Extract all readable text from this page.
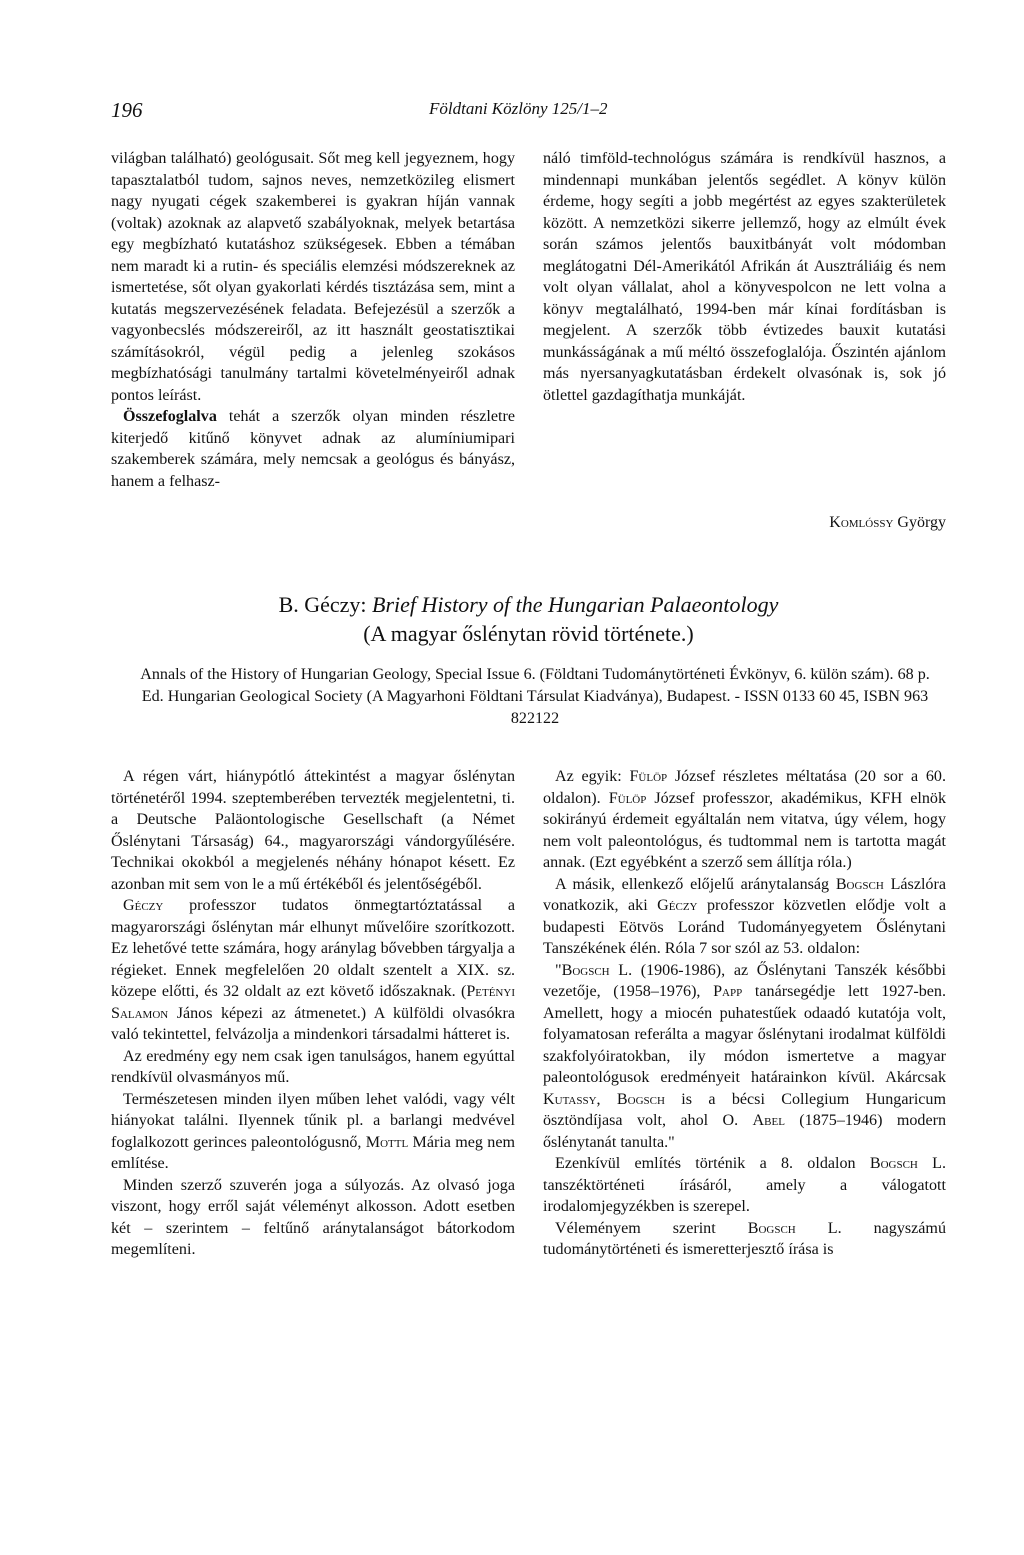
196	Földtani Közlöny 125/1–2

világban található) geológusait. Sőt meg kell jegyeznem, hogy tapasztalatból tudom, sajnos neves, nemzetközileg elismert nagy nyugati cégek szakemberei is gyakran híján vannak (voltak) azoknak az alapvető szabályoknak, melyek betartása egy megbízható kutatáshoz szükségesek. Ebben a témában nem maradt ki a rutin- és speciális elemzési módszereknek az ismertetése, sőt olyan gyakorlati kérdés tisztázása sem, mint a kutatás megszervezésének feladata. Befejezésül a szerzők a vagyonbecslés módszereiről, az itt használt geostatisztikai számításokról, végül pedig a jelenleg szokásos megbízhatósági tanulmány tartalmi követelményeiről adnak pontos leírást.

Összefoglalva tehát a szerzők olyan minden részletre kiterjedő kitűnő könyvet adnak az alumíniumipari szakemberek számára, mely nemcsak a geológus és bányász, hanem a felhasz-

náló timföld-technológus számára is rendkívül hasznos, a mindennapi munkában jelentős segédlet. A könyv külön érdeme, hogy segíti a jobb megértést az egyes szakterületek között. A nemzetközi sikerre jellemző, hogy az elmúlt évek során számos jelentős bauxitbányát volt módomban meglátogatni Dél-Amerikától Afrikán át Ausztráliáig és nem volt olyan vállalat, ahol a könyvespolcon ne lett volna a könyv megtalálható, 1994-ben már kínai fordításban is megjelent. A szerzők több évtizedes bauxit kutatási munkásságának a mű méltó összefoglalója. Őszintén ajánlom más nyersanyagkutatásban érdekelt olvasónak is, sok jó ötlettel gazdagíthatja munkáját.

Komlóssy György
B. Géczy: Brief History of the Hungarian Palaeontology
(A magyar őslénytan rövid története.)
Annals of the History of Hungarian Geology, Special Issue 6. (Földtani Tudománytörténeti Évkönyv, 6. külön szám). 68 p. Ed. Hungarian Geological Society (A Magyarhoni Földtani Társulat Kiadványa), Budapest. - ISSN 0133 60 45, ISBN 963 822122

A régen várt, hiánypótló áttekintést a magyar őslénytan történetéről 1994. szeptemberében tervezték megjelentetni, ti. a Deutsche Paläontologische Gesellschaft (a Német Őslénytani Társaság) 64., magyarországi vándorgyűlésére. Technikai okokból a megjelenés néhány hónapot késett. Ez azonban mit sem von le a mű értékéből és jelentőségéből.

Géczy professzor tudatos önmegtartóztatással a magyarországi őslénytan már elhunyt művelőire szorítkozott. Ez lehetővé tette számára, hogy aránylag bővebben tárgyalja a régieket. Ennek megfelelően 20 oldalt szentelt a XIX. sz. közepe előtti, és 32 oldalt az ezt követő időszaknak. (Petényi Salamon János képezi az átmenetet.) A külföldi olvasókra való tekintettel, felvázolja a mindenkori társadalmi hátteret is.

Az eredmény egy nem csak igen tanulságos, hanem egyúttal rendkívül olvasmányos mű.

Természetesen minden ilyen műben lehet valódi, vagy vélt hiányokat találni. Ilyennek tűnik pl. a barlangi medvével foglalkozott gerinces paleontológusnő, Mottl Mária meg nem említése.

Minden szerző szuverén joga a súlyozás. Az olvasó joga viszont, hogy erről saját véleményt alkosson. Adott esetben két – szerintem – feltűnő aránytalanságot bátorkodom megemlíteni.

Az egyik: Fülöp József részletes méltatása (20 sor a 60. oldalon). Fülöp József professzor, akadémikus, KFH elnök sokirányú érdemeit egyáltalán nem vitatva, úgy vélem, hogy nem volt paleontológus, és tudtommal nem is tartotta magát annak. (Ezt egyébként a szerző sem állítja róla.)

A másik, ellenkező előjelű aránytalanság Bogsch Lászlóra vonatkozik, aki Géczy professzor közvetlen elődje volt a budapesti Eötvös Loránd Tudományegyetem Őslénytani Tanszékének élén. Róla 7 sor szól az 53. oldalon:

"Bogsch L. (1906-1986), az Őslénytani Tanszék későbbi vezetője, (1958–1976), Papp tanársegédje lett 1927-ben. Amellett, hogy a miocén puhatestűek odaadó kutatója volt, folyamatosan referálta a magyar őslénytani irodalmat külföldi szakfolyóiratokban, ily módon ismertetve a magyar paleontológusok eredményeit határainkon kívül. Akárcsak Kutassy, Bogsch is a bécsi Collegium Hungaricum ösztöndíjasa volt, ahol O. Abel (1875–1946) modern őslénytanát tanulta."

Ezenkívül említés történik a 8. oldalon Bogsch L. tanszéktörténeti írásáról, amely a válogatott irodalomjegyzékben is szerepel.

Véleményem szerint Bogsch L. nagyszámú tudománytörténeti és ismeretterjesztő írása is
